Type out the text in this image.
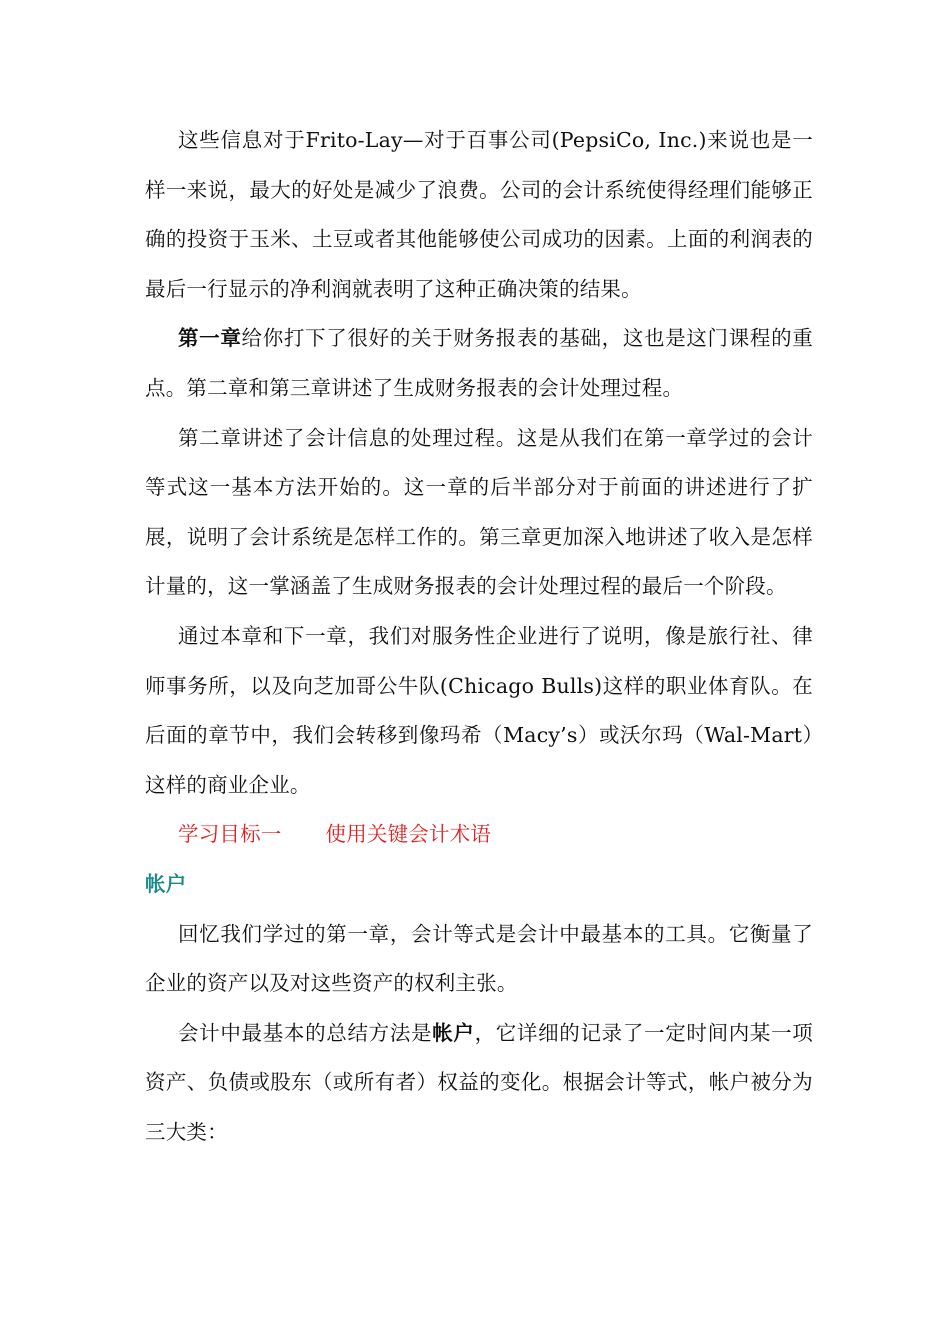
这些信息对于Frito-Lay—对于百事公司(PepsiCo, Inc.)来说也是一样一来说，最大的好处是减少了浪费。公司的会计系统使得经理们能够正确的投资于玉米、土豆或者其他能够使公司成功的因素。上面的利润表的最后一行显示的净利润就表明了这种正确决策的结果。

第一章给你打下了很好的关于财务报表的基础，这也是这门课程的重点。第二章和第三章讲述了生成财务报表的会计处理过程。

第二章讲述了会计信息的处理过程。这是从我们在第一章学过的会计等式这一基本方法开始的。这一章的后半部分对于前面的讲述进行了扩展，说明了会计系统是怎样工作的。第三章更加深入地讲述了收入是怎样计量的，这一掌涵盖了生成财务报表的会计处理过程的最后一个阶段。

通过本章和下一章，我们对服务性企业进行了说明，像是旅行社、律师事务所，以及向芝加哥公牛队(Chicago Bulls)这样的职业体育队。在后面的章节中，我们会转移到像玛希（Macy’s）或沃尔玛（Wal-Mart）这样的商业企业。

学习目标一 使用关键会计术语

帐户

回忆我们学过的第一章，会计等式是会计中最基本的工具。它衡量了企业的资产以及对这些资产的权利主张。

会计中最基本的总结方法是帐户，它详细的记录了一定时间内某一项资产、负债或股东（或所有者）权益的变化。根据会计等式，帐户被分为三大类：
